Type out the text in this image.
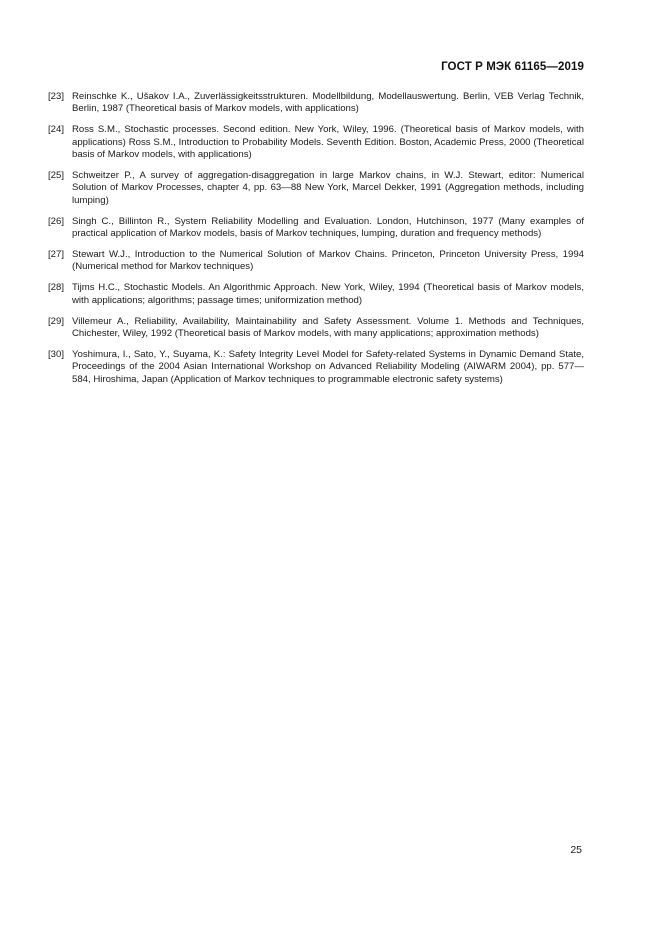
ГОСТ Р МЭК 61165—2019
[23] Reinschke K., Ušakov I.A., Zuverlässigkeitsstrukturen. Modellbildung, Modellauswertung. Berlin, VEB Verlag Technik, Berlin, 1987 (Theoretical basis of Markov models, with applications)
[24] Ross S.M., Stochastic processes. Second edition. New York, Wiley, 1996. (Theoretical basis of Markov models, with applications) Ross S.M., Introduction to Probability Models. Seventh Edition. Boston, Academic Press, 2000 (Theoretical basis of Markov models, with applications)
[25] Schweitzer P., A survey of aggregation-disaggregation in large Markov chains, in W.J. Stewart, editor: Numerical Solution of Markov Processes, chapter 4, pp. 63—88 New York, Marcel Dekker, 1991 (Aggregation methods, including lumping)
[26] Singh C., Billinton R., System Reliability Modelling and Evaluation. London, Hutchinson, 1977 (Many examples of practical application of Markov models, basis of Markov techniques, lumping, duration and frequency methods)
[27] Stewart W.J., Introduction to the Numerical Solution of Markov Chains. Princeton, Princeton University Press, 1994 (Numerical method for Markov techniques)
[28] Tijms H.C., Stochastic Models. An Algorithmic Approach. New York, Wiley, 1994 (Theoretical basis of Markov models, with applications; algorithms; passage times; uniformization method)
[29] Villemeur A., Reliability, Availability, Maintainability and Safety Assessment. Volume 1. Methods and Techniques, Chichester, Wiley, 1992 (Theoretical basis of Markov models, with many applications; approximation methods)
[30] Yoshimura, I., Sato, Y., Suyama, K.: Safety Integrity Level Model for Safety-related Systems in Dynamic Demand State, Proceedings of the 2004 Asian International Workshop on Advanced Reliability Modeling (AIWARM 2004), pp. 577—584, Hiroshima, Japan (Application of Markov techniques to programmable electronic safety systems)
25
